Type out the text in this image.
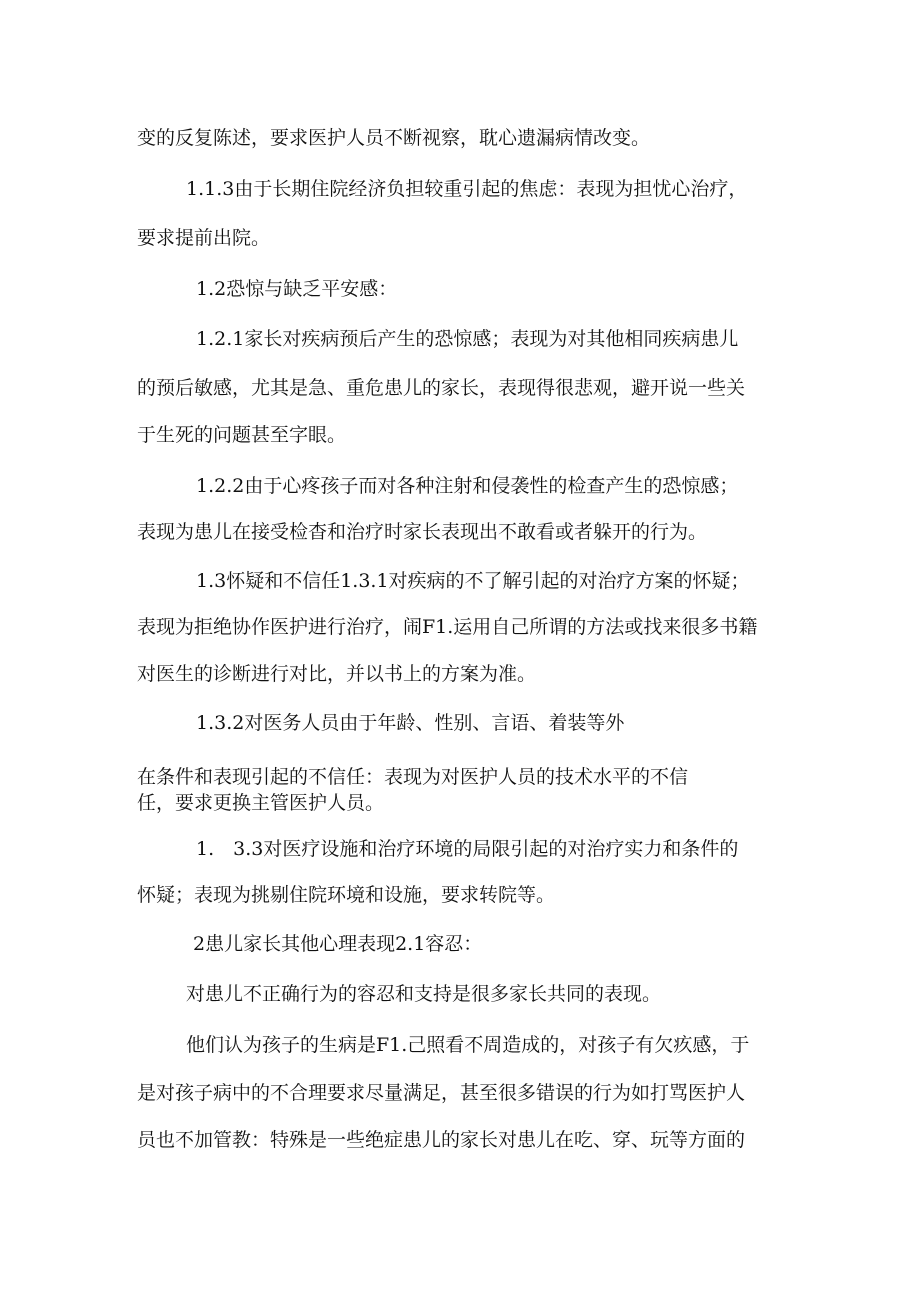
变的反复陈述，要求医护人员不断视察，耽心遗漏病情改变。
1.1.3由于长期住院经济负担较重引起的焦虑：表现为担忧心治疗，
要求提前出院。
1.2恐惊与缺乏平安感：
1.2.1家长对疾病预后产生的恐惊感；表现为对其他相同疾病患儿
的预后敏感，尤其是急、重危患儿的家长，表现得很悲观，避开说一些关
于生死的问题甚至字眼。
1.2.2由于心疼孩子而对各种注射和侵袭性的检查产生的恐惊感；
表现为患儿在接受检杳和治疗时家长表现出不敢看或者躲开的行为。
1.3怀疑和不信任1.3.1对疾病的不了解引起的对治疗方案的怀疑；
表现为拒绝协作医护进行治疗，闹F1.运用自己所谓的方法或找来很多书籍
对医生的诊断进行对比，并以书上的方案为准。
1.3.2对医务人员由于年龄、性别、言语、着装等外
在条件和表现引起的不信任：表现为对医护人员的技术水平的不信
任，要求更换主管医护人员。
1.　3.3对医疗设施和治疗环境的局限引起的对治疗实力和条件的
怀疑；表现为挑剔住院环境和设施，要求转院等。
2患儿家长其他心理表现2.1容忍：
对患儿不正确行为的容忍和支持是很多家长共同的表现。
他们认为孩子的生病是F1.己照看不周造成的，对孩子有欠疚感，于
是对孩子病中的不合理要求尽量满足，甚至很多错误的行为如打骂医护人
员也不加管教：特殊是一些绝症患儿的家长对患儿在吃、穿、玩等方面的
